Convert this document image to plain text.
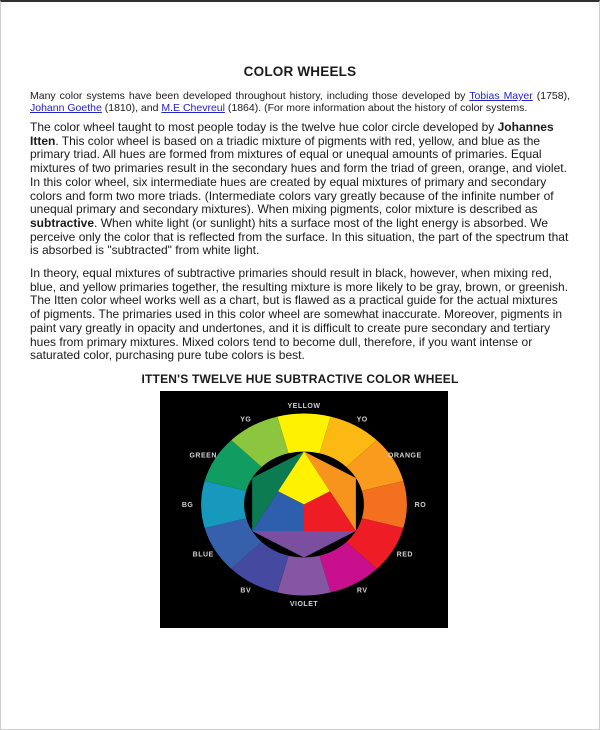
COLOR WHEELS

Many color systems have been developed throughout history, including those developed by Tobias Mayer (1758), Johann Goethe (1810), and M.E Chevreul (1864). (For more information about the history of color systems.

The color wheel taught to most people today is the twelve hue color circle developed by Johannes Itten. This color wheel is based on a triadic mixture of pigments with red, yellow, and blue as the primary triad. All hues are formed from mixtures of equal or unequal amounts of primaries. Equal mixtures of two primaries result in the secondary hues and form the triad of green, orange, and violet. In this color wheel, six intermediate hues are created by equal mixtures of primary and secondary colors and form two more triads. (Intermediate colors vary greatly because of the infinite number of unequal primary and secondary mixtures). When mixing pigments, color mixture is described as subtractive. When white light (or sunlight) hits a surface most of the light energy is absorbed. We perceive only the color that is reflected from the surface. In this situation, the part of the spectrum that is absorbed is "subtracted" from white light.

In theory, equal mixtures of subtractive primaries should result in black, however, when mixing red, blue, and yellow primaries together, the resulting mixture is more likely to be gray, brown, or greenish. The Itten color wheel works well as a chart, but is flawed as a practical guide for the actual mixtures of pigments. The primaries used in this color wheel are somewhat inaccurate. Moreover, pigments in paint vary greatly in opacity and undertones, and it is difficult to create pure secondary and tertiary hues from primary mixtures. Mixed colors tend to become dull, therefore, if you want intense or saturated color, purchasing pure tube colors is best.

ITTEN'S TWELVE HUE SUBTRACTIVE COLOR WHEEL
YELLOW
YO
ORANGE
RO
RED
RV
VIOLET
BV
BLUE
BG
GREEN
YG
